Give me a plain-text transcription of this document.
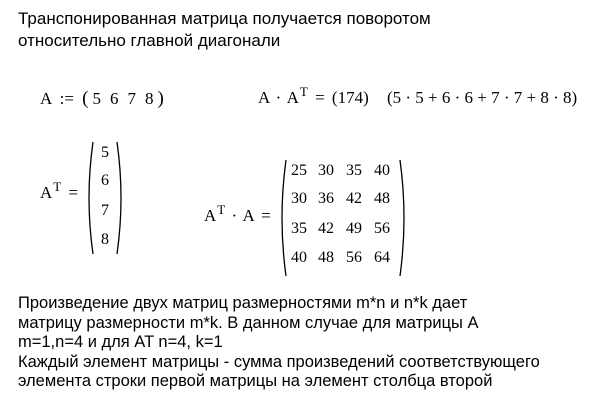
Транспонированная матрица получается поворотом
относительно главной диагонали
A := ( 5 6 7 8 )	$A \cdot A^T = (174) (5 \cdot 5 + 6 \cdot 6 + 7 \cdot 7 + 8 \cdot 8)$
$A^T$ =
5
6
7
8
$A^T \cdot A$ =
25 30 35 40
30 36 42 48
35 42 49 56
40 48 56 64
Произведение двух матриц размерностями m*n и n*k дает
матрицу размерности m*k. В данном случае для матрицы А
m=1,n=4 и для AT n=4, k=1
Каждый элемент матрицы - сумма произведений соответствующего
элемента строки первой матрицы на элемент столбца второй
